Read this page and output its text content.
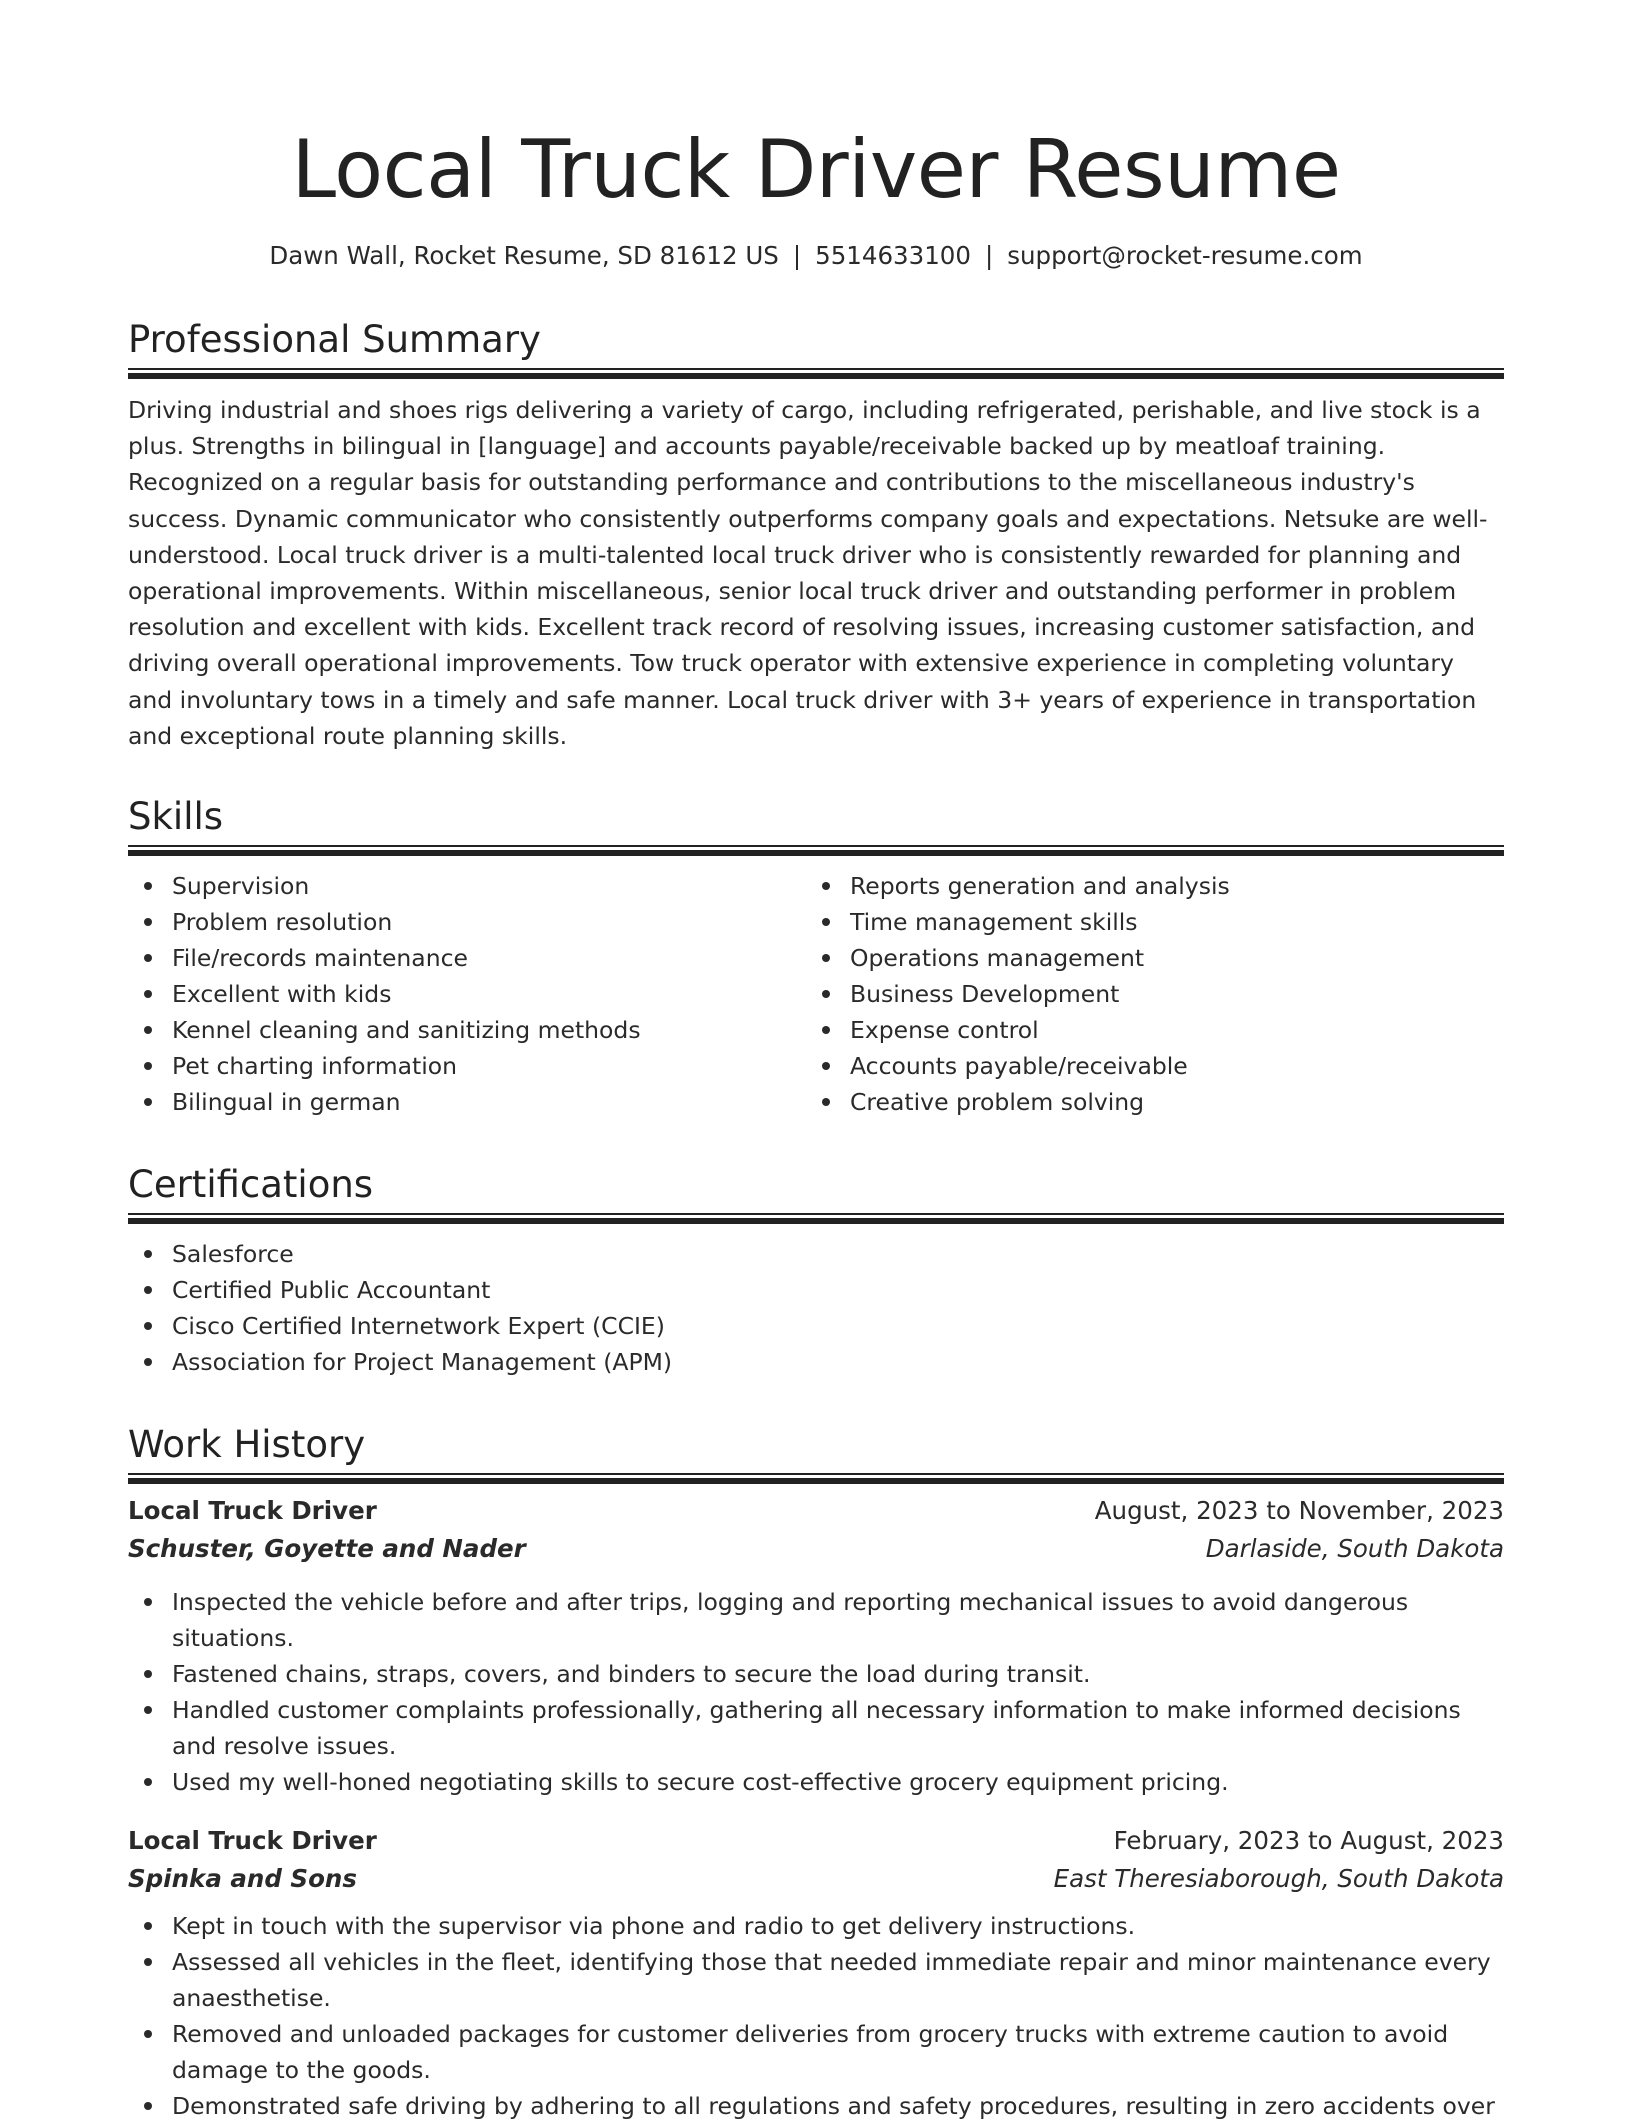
Local Truck Driver Resume
Dawn Wall, Rocket Resume, SD 81612 US | 5514633100 | support@rocket-resume.com
Professional Summary

Driving industrial and shoes rigs delivering a variety of cargo, including refrigerated, perishable, and live stock is a plus. Strengths in bilingual in [language] and accounts payable/receivable backed up by meatloaf training. Recognized on a regular basis for outstanding performance and contributions to the miscellaneous industry's success. Dynamic communicator who consistently outperforms company goals and expectations. Netsuke are well-understood. Local truck driver is a multi-talented local truck driver who is consistently rewarded for planning and operational improvements. Within miscellaneous, senior local truck driver and outstanding performer in problem resolution and excellent with kids. Excellent track record of resolving issues, increasing customer satisfaction, and driving overall operational improvements. Tow truck operator with extensive experience in completing voluntary and involuntary tows in a timely and safe manner. Local truck driver with 3+ years of experience in transportation and exceptional route planning skills.

Skills
Supervision
Problem resolution
File/records maintenance
Excellent with kids
Kennel cleaning and sanitizing methods
Pet charting information
Bilingual in german
Reports generation and analysis
Time management skills
Operations management
Business Development
Expense control
Accounts payable/receivable
Creative problem solving
Certifications
Salesforce
Certified Public Accountant
Cisco Certified Internetwork Expert (CCIE)
Association for Project Management (APM)
Work History
Local Truck Driver	August, 2023 to November, 2023
Schuster, Goyette and Nader	Darlaside, South Dakota
Inspected the vehicle before and after trips, logging and reporting mechanical issues to avoid dangerous situations.
Fastened chains, straps, covers, and binders to secure the load during transit.
Handled customer complaints professionally, gathering all necessary information to make informed decisions and resolve issues.
Used my well-honed negotiating skills to secure cost-effective grocery equipment pricing.
Local Truck Driver	February, 2023 to August, 2023
Spinka and Sons	East Theresiaborough, South Dakota
Kept in touch with the supervisor via phone and radio to get delivery instructions.
Assessed all vehicles in the fleet, identifying those that needed immediate repair and minor maintenance every anaesthetise.
Removed and unloaded packages for customer deliveries from grocery trucks with extreme caution to avoid damage to the goods.
Demonstrated safe driving by adhering to all regulations and safety procedures, resulting in zero accidents over
